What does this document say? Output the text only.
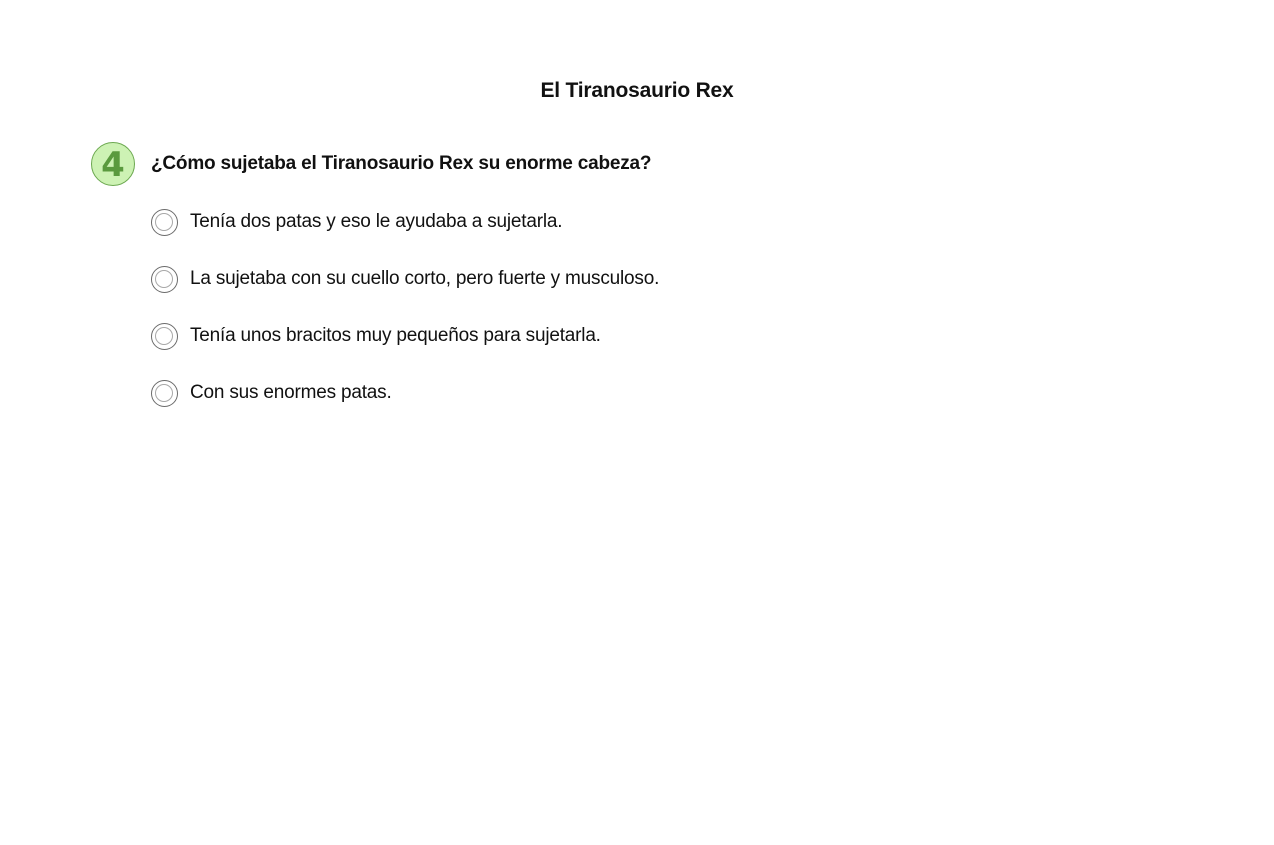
El Tiranosaurio Rex
4	¿Cómo sujetaba el Tiranosaurio Rex su enorme cabeza?
Tenía dos patas y eso le ayudaba a sujetarla.
La sujetaba con su cuello corto, pero fuerte y musculoso.
Tenía unos bracitos muy pequeños para sujetarla.
Con sus enormes patas.
